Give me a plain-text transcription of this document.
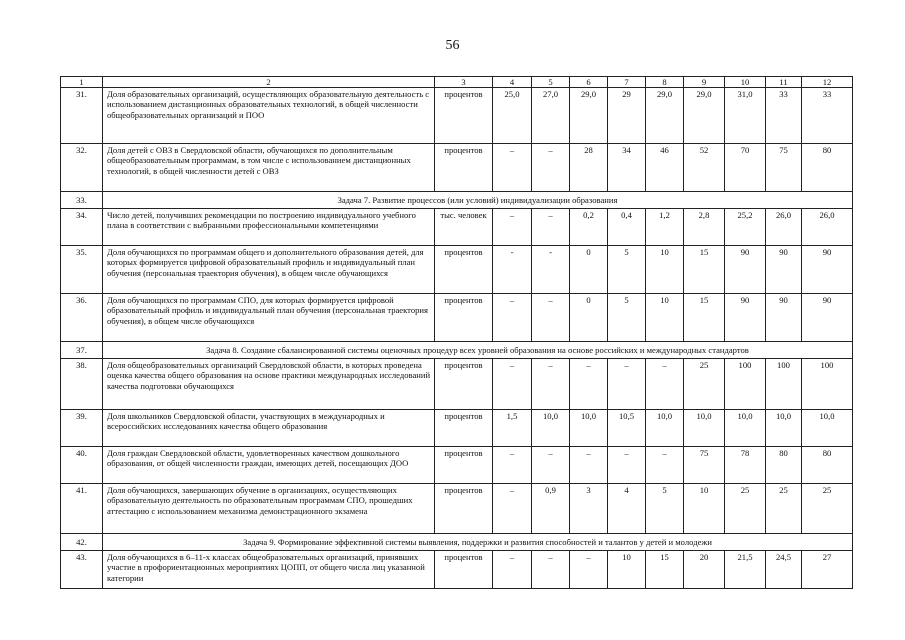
56
1	2	3	4	5	6	7	8	9	10	11	12
31.	Доля образовательных организаций, осуществляющих образовательную деятельность с использованием дистанционных образовательных технологий, в общей численности общеобразовательных организаций и ПОО	процентов	25,0	27,0	29,0	29	29,0	29,0	31,0	33	33
32.	Доля детей с ОВЗ в Свердловской области, обучающихся по дополнительным общеобразовательным программам, в том числе с использованием дистанционных технологий, в общей численности детей с ОВЗ	процентов	–	–	28	34	46	52	70	75	80
33.	Задача 7. Развитие процессов (или условий) индивидуализации образования										
34.	Число детей, получивших рекомендации по построению индивидуального учебного плана в соответствии с выбранными профессиональными компетенциями	тыс. человек	–	–	0,2	0,4	1,2	2,8	25,2	26,0	26,0
35.	Доля обучающихся по программам общего и дополнительного образования детей, для которых формируется цифровой образовательный профиль и индивидуальный план обучения (персональная траектория обучения), в общем числе обучающихся	процентов	-	-	0	5	10	15	90	90	90
36.	Доля обучающихся по программам СПО, для которых формируется цифровой образовательный профиль и индивидуальный план обучения (персональная траектория обучения), в общем числе обучающихся	процентов	–	–	0	5	10	15	90	90	90
37.	Задача 8. Создание сбалансированной системы оценочных процедур всех уровней образования на основе российских и международных стандартов										
38.	Доля общеобразовательных организаций Свердловской области, в которых проведена оценка качества общего образования на основе практики международных исследований качества подготовки обучающихся	процентов	–	–	–	–	–	25	100	100	100
39.	Доля школьников Свердловской области, участвующих в международных и всероссийских исследованиях качества общего образования	процентов	1,5	10,0	10,0	10,5	10,0	10,0	10,0	10,0	10,0
40.	Доля граждан Свердловской области, удовлетворенных качеством дошкольного образования, от общей численности граждан, имеющих детей, посещающих ДОО	процентов	–	–	–	–	–	75	78	80	80
41.	Доля обучающихся, завершающих обучение в организациях, осуществляющих образовательную деятельность по образовательным программам СПО, прошедших аттестацию с использованием механизма демонстрационного экзамена	процентов	–	0,9	3	4	5	10	25	25	25
42.	Задача 9. Формирование эффективной системы выявления, поддержки и развития способностей и талантов у детей и молодежи										
43.	Доля обучающихся в 6–11-х классах общеобразовательных организаций, принявших участие в профориентационных мероприятиях ЦОПП, от общего числа лиц указанной категории	процентов	–	–	–	10	15	20	21,5	24,5	27
